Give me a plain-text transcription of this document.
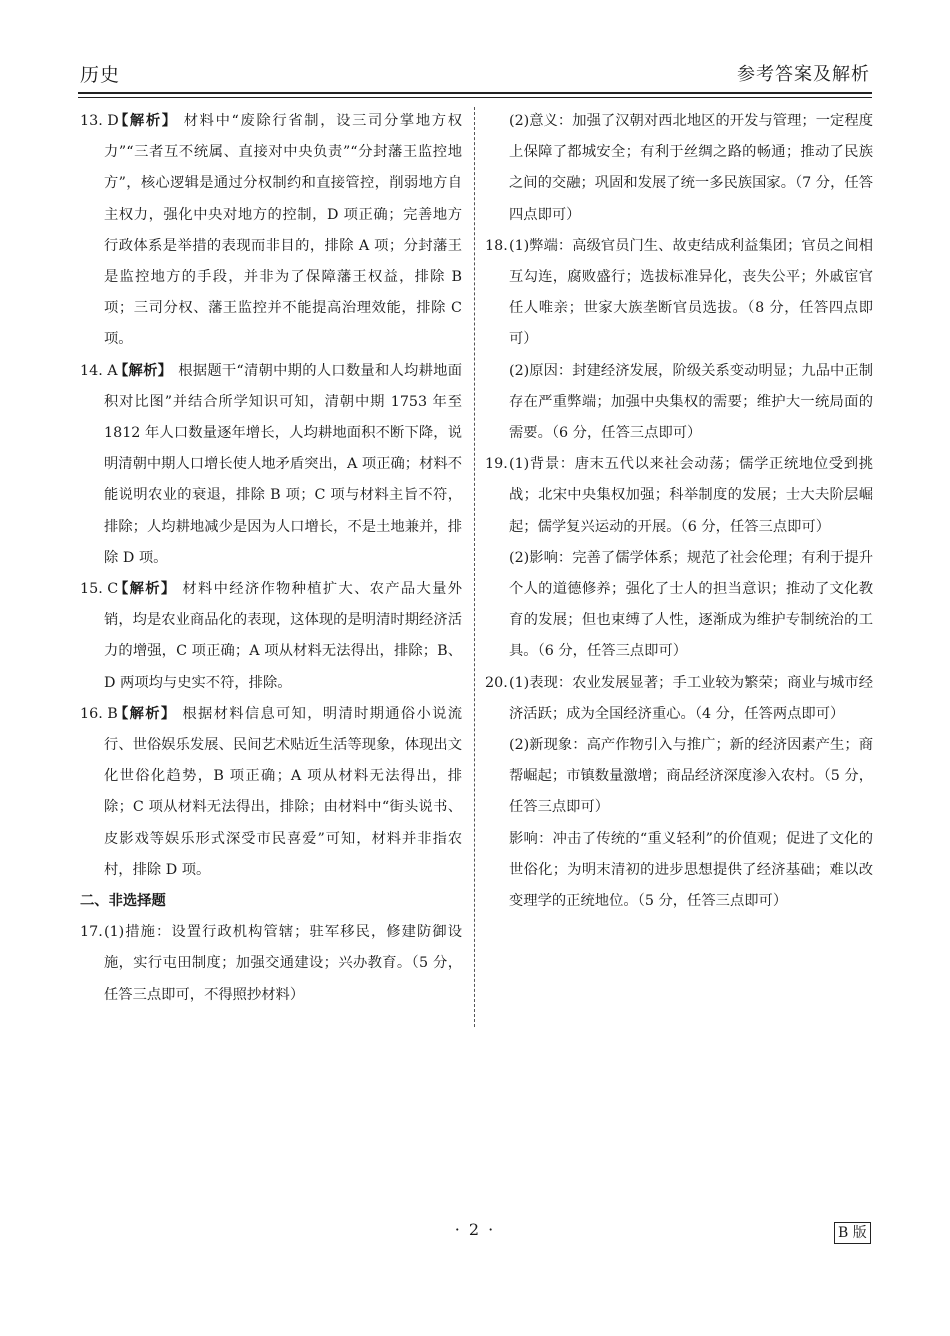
历史	参考答案及解析
13. D
【解析】 材料中“废除行省制，设三司分掌地方权力”“三者互不统属、直接对中央负责”“分封藩王监控地方”，核心逻辑是通过分权制约和直接管控，削弱地方自主权力，强化中央对地方的控制，D 项正确；完善地方行政体系是举措的表现而非目的，排除 A 项；分封藩王是监控地方的手段，并非为了保障藩王权益，排除 B 项；三司分权、藩王监控并不能提高治理效能，排除 C 项。
14. A
【解析】 根据题干“清朝中期的人口数量和人均耕地面积对比图”并结合所学知识可知，清朝中期 1753 年至 1812 年人口数量逐年增长，人均耕地面积不断下降，说明清朝中期人口增长使人地矛盾突出，A 项正确；材料不能说明农业的衰退，排除 B 项；C 项与材料主旨不符，排除；人均耕地减少是因为人口增长，不是土地兼并，排除 D 项。
15. C
【解析】 材料中经济作物种植扩大、农产品大量外销，均是农业商品化的表现，这体现的是明清时期经济活力的增强，C 项正确；A 项从材料无法得出，排除；B、D 两项均与史实不符，排除。
16. B
【解析】 根据材料信息可知，明清时期通俗小说流行、世俗娱乐发展、民间艺术贴近生活等现象，体现出文化世俗化趋势，B 项正确；A 项从材料无法得出，排除；C 项从材料无法得出，排除；由材料中“街头说书、皮影戏等娱乐形式深受市民喜爱”可知，材料并非指农村，排除 D 项。
二、非选择题
17. (1)措施：设置行政机构管辖；驻军移民，修建防御设施，实行屯田制度；加强交通建设；兴办教育。（5 分，任答三点即可，不得照抄材料）
(2)意义：加强了汉朝对西北地区的开发与管理；一定程度上保障了都城安全；有利于丝绸之路的畅通；推动了民族之间的交融；巩固和发展了统一多民族国家。（7 分，任答四点即可）
18. (1)弊端：高级官员门生、故吏结成利益集团；官员之间相互勾连，腐败盛行；选拔标准异化，丧失公平；外戚宦官任人唯亲；世家大族垄断官员选拔。（8 分，任答四点即可）
(2)原因：封建经济发展，阶级关系变动明显；九品中正制存在严重弊端；加强中央集权的需要；维护大一统局面的需要。（6 分，任答三点即可）
19. (1)背景：唐末五代以来社会动荡；儒学正统地位受到挑战；北宋中央集权加强；科举制度的发展；士大夫阶层崛起；儒学复兴运动的开展。（6 分，任答三点即可）
(2)影响：完善了儒学体系；规范了社会伦理；有利于提升个人的道德修养；强化了士人的担当意识；推动了文化教育的发展；但也束缚了人性，逐渐成为维护专制统治的工具。（6 分，任答三点即可）
20. (1)表现：农业发展显著；手工业较为繁荣；商业与城市经济活跃；成为全国经济重心。（4 分，任答两点即可）
(2)新现象：高产作物引入与推广；新的经济因素产生；商帮崛起；市镇数量激增；商品经济深度渗入农村。（5 分，任答三点即可）
影响：冲击了传统的“重义轻利”的价值观；促进了文化的世俗化；为明末清初的进步思想提供了经济基础；难以改变理学的正统地位。（5 分，任答三点即可）
· 2 ·	B 版
